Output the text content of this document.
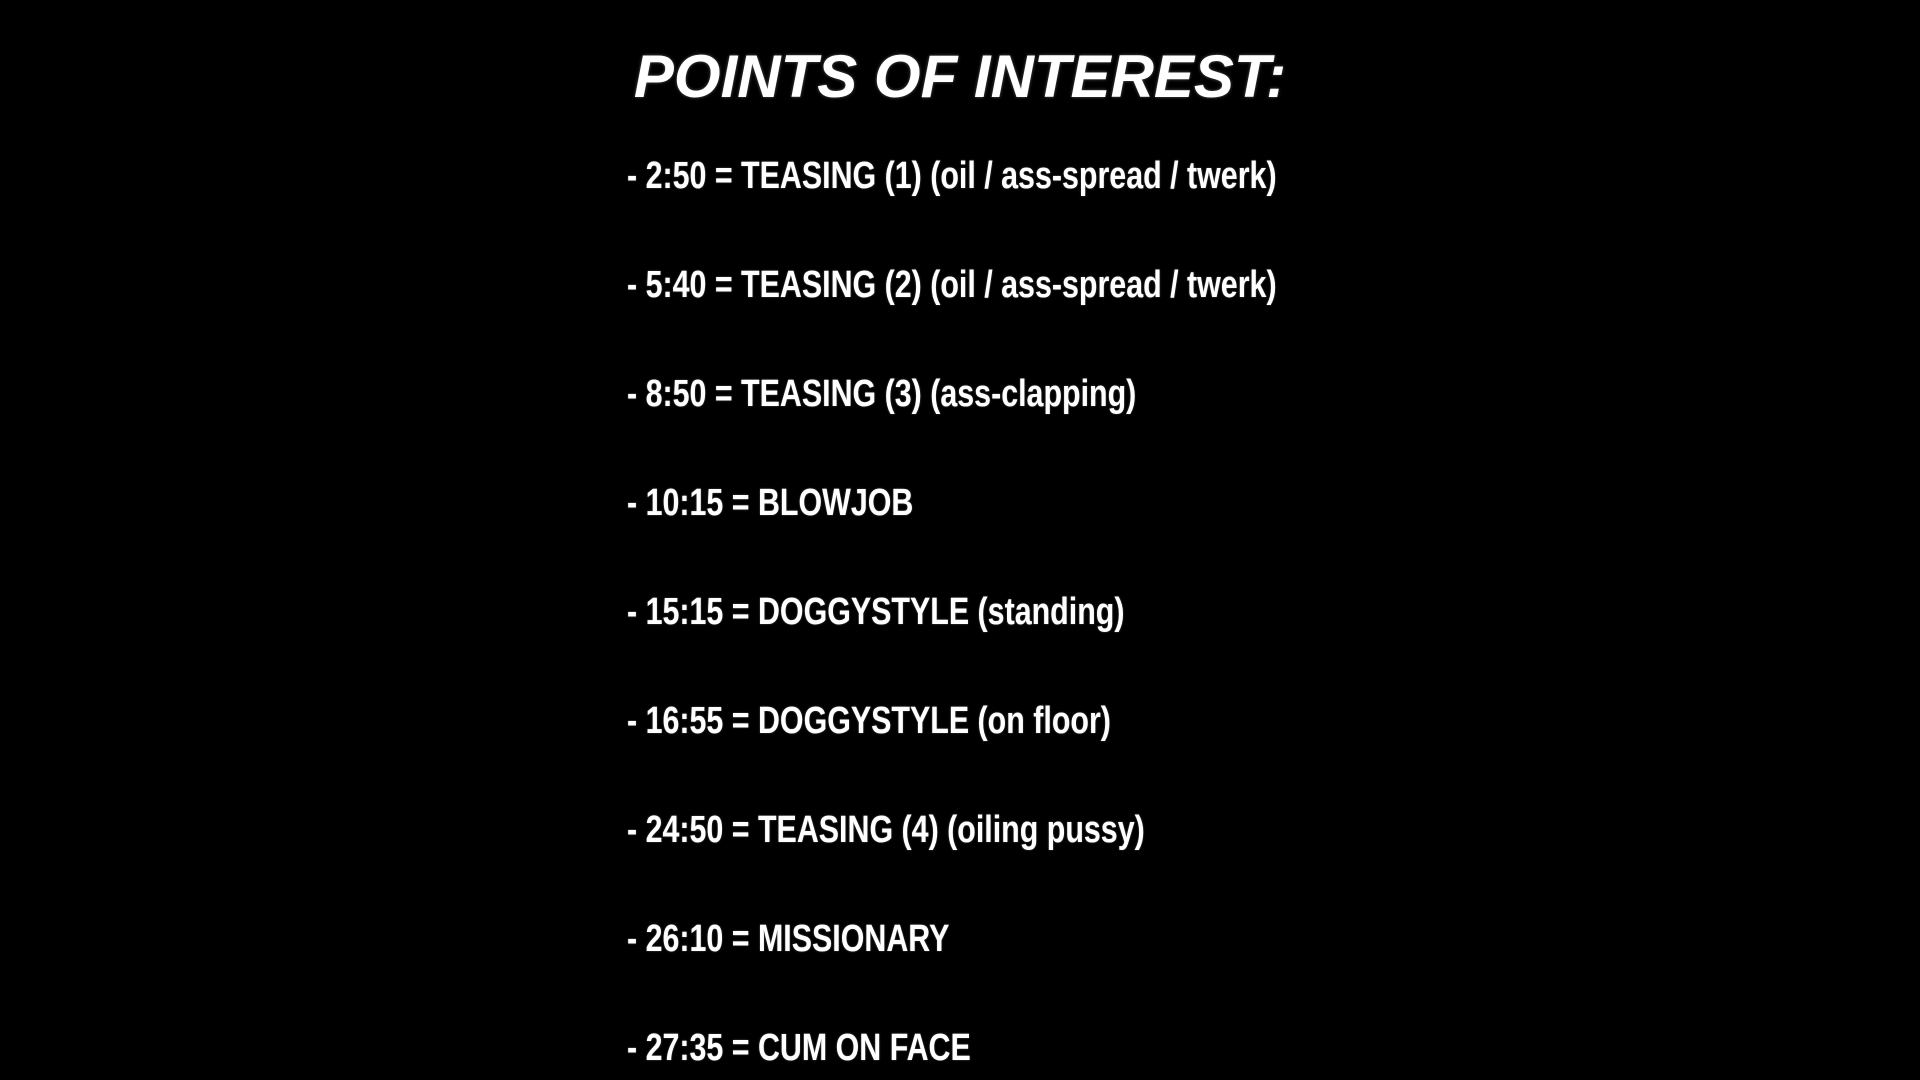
POINTS OF INTEREST:
- 2:50 = TEASING (1) (oil / ass-spread / twerk)
- 5:40 = TEASING (2) (oil / ass-spread / twerk)
- 8:50 = TEASING (3) (ass-clapping)
- 10:15 = BLOWJOB
- 15:15 = DOGGYSTYLE (standing)
- 16:55 = DOGGYSTYLE (on floor)
- 24:50 = TEASING (4) (oiling pussy)
- 26:10 = MISSIONARY
- 27:35 = CUM ON FACE
